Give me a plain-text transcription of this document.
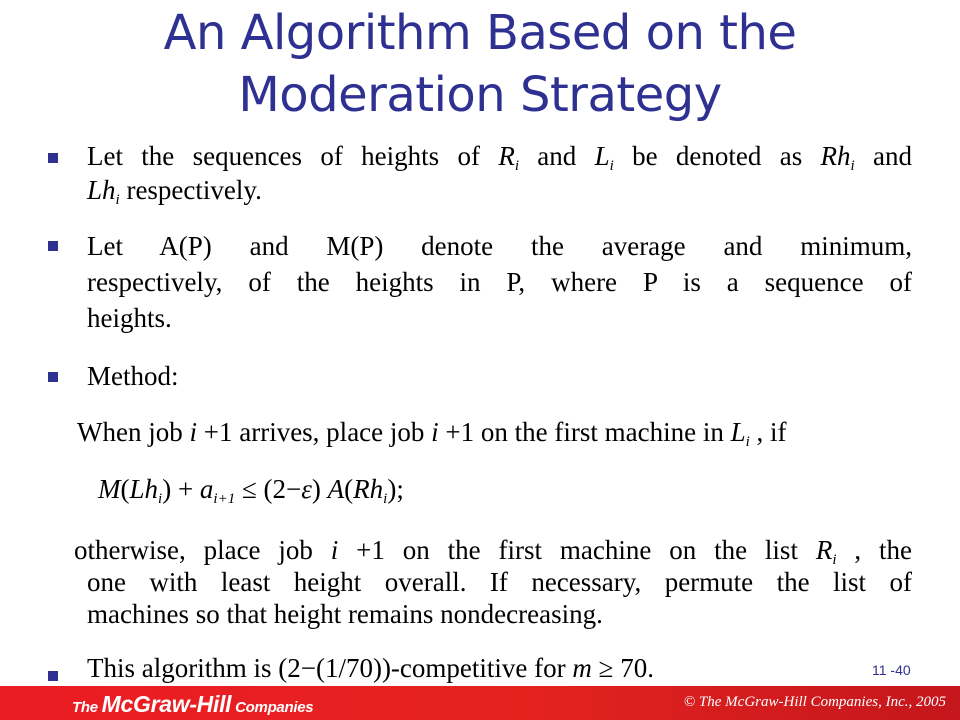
An Algorithm Based on the
Moderation Strategy
Let the sequences of heights of $R_i$ and $L_i$ be denoted as $Rh_i$ and
$Lh_i$ respectively.
Let A(P) and M(P) denote the average and minimum,
respectively, of the heights in P, where P is a sequence of
heights.
Method:
When job i +1 arrives, place job i +1 on the first machine in $L_i$ , if
$M(Lh_i) + a_{i+1} \le (2-\varepsilon)$ $A(Rh_i)$;
otherwise, place job i +1 on the first machine on the list $R_i$ , the
one with least height overall. If necessary, permute the list of
machines so that height remains nondecreasing.
This algorithm is (2−(1/70))-competitive for m ≥ 70.	11 -40
The McGraw-Hill Companies	© The McGraw-Hill Companies, Inc., 2005
